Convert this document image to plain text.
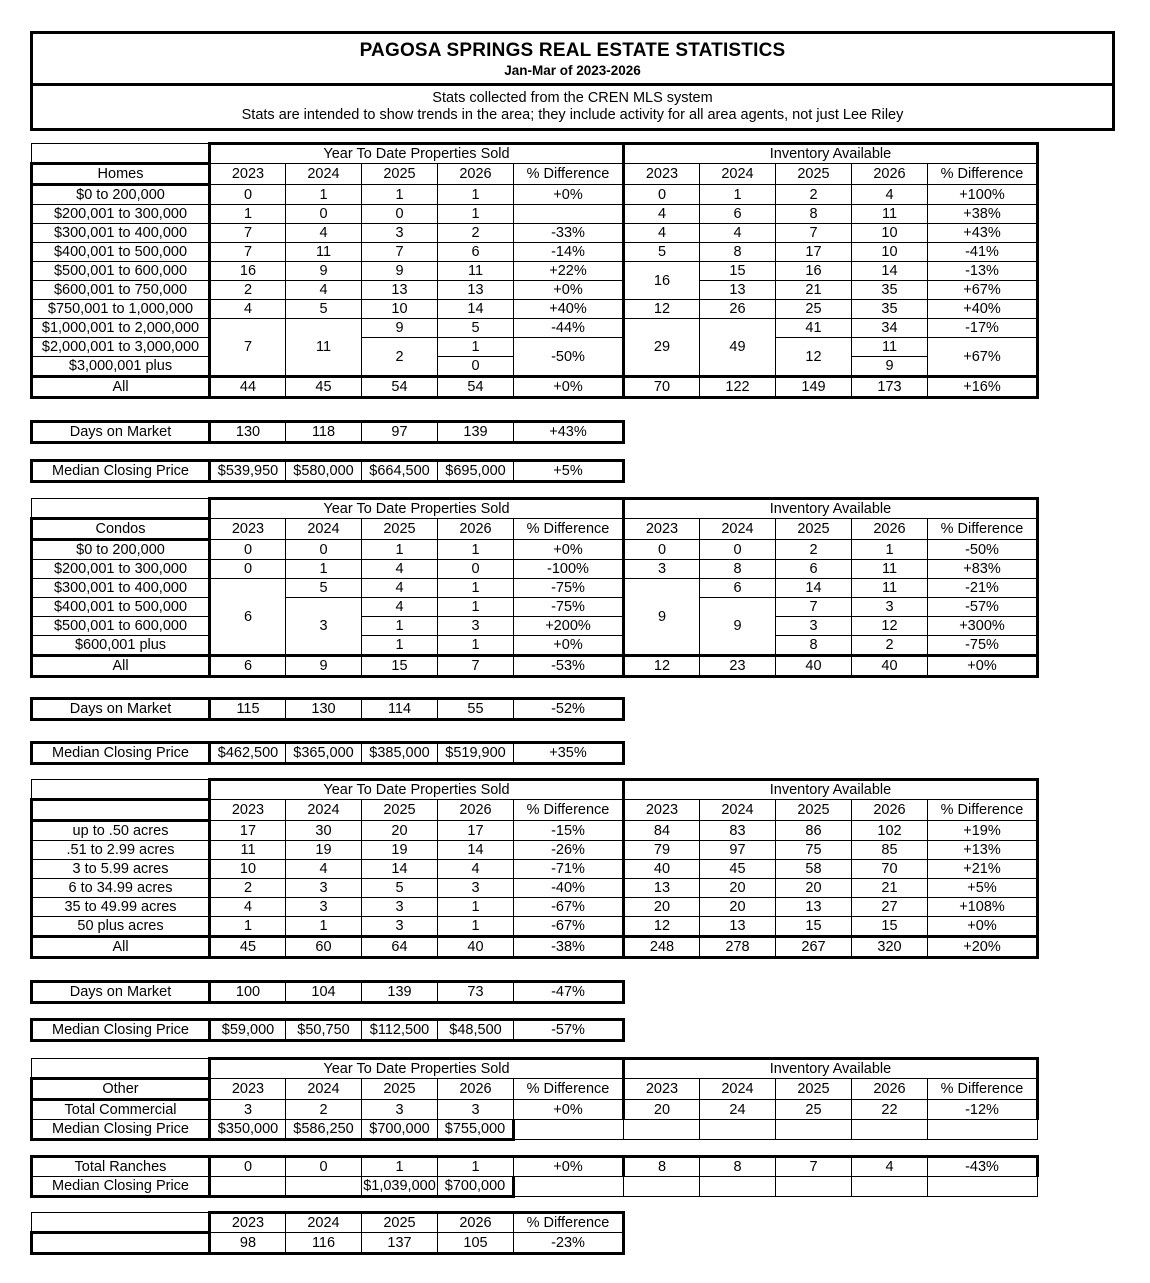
PAGOSA SPRINGS REAL ESTATE STATISTICS
Jan-Mar of 2023-2026
Stats collected from the CREN MLS system
Stats are intended to show trends in the area; they include activity for all area agents, not just Lee Riley
	Year To Date Properties Sold					Inventory Available				
Homes	2023	2024	2025	2026	% Difference	2023	2024	2025	2026	% Difference
$0 to 200,000	0	1	1	1	+0%	0	1	2	4	+100%
$200,001 to 300,000	1	0	0	1		4	6	8	11	+38%
$300,001 to 400,000	7	4	3	2	-33%	4	4	7	10	+43%
$400,001 to 500,000	7	11	7	6	-14%	5	8	17	10	-41%
$500,001 to 600,000	16	9	9	11	+22%	16	15	16	14	-13%
$600,001 to 750,000	2	4	13	13	+0%		13	21	35	+67%
$750,001 to 1,000,000	4	5	10	14	+40%	12	26	25	35	+40%
$1,000,001 to 2,000,000	7	11	9	5	-44%	29	49	41	34	-17%
$2,000,001 to 3,000,000			2	1	-50%			12	11	+67%
$3,000,001 plus				0					9	
All	44	45	54	54	+0%	70	122	149	173	+16%
Days on Market	130	118	97	139	+43%
Median Closing Price	$539,950	$580,000	$664,500	$695,000	+5%
	Year To Date Properties Sold					Inventory Available				
Condos	2023	2024	2025	2026	% Difference	2023	2024	2025	2026	% Difference
$0 to 200,000	0	0	1	1	+0%	0	0	2	1	-50%
$200,001 to 300,000	0	1	4	0	-100%	3	8	6	11	+83%
$300,001 to 400,000	6	5	4	1	-75%	9	6	14	11	-21%
$400,001 to 500,000		3	4	1	-75%		9	7	3	-57%
$500,001 to 600,000			1	3	+200%			3	12	+300%
$600,001 plus			1	1	+0%			8	2	-75%
All	6	9	15	7	-53%	12	23	40	40	+0%
Days on Market	115	130	114	55	-52%
Median Closing Price	$462,500	$365,000	$385,000	$519,900	+35%
	Year To Date Properties Sold					Inventory Available				
Vacant Lots	2023	2024	2025	2026	% Difference	2023	2024	2025	2026	% Difference
up to .50 acres	17	30	20	17	-15%	84	83	86	102	+19%
.51 to 2.99 acres	11	19	19	14	-26%	79	97	75	85	+13%
3 to 5.99 acres	10	4	14	4	-71%	40	45	58	70	+21%
6 to 34.99 acres	2	3	5	3	-40%	13	20	20	21	+5%
35 to 49.99 acres	4	3	3	1	-67%	20	20	13	27	+108%
50 plus acres	1	1	3	1	-67%	12	13	15	15	+0%
All	45	60	64	40	-38%	248	278	267	320	+20%
Days on Market	100	104	139	73	-47%
Median Closing Price	$59,000	$50,750	$112,500	$48,500	-57%
	Year To Date Properties Sold					Inventory Available				
Other	2023	2024	2025	2026	% Difference	2023	2024	2025	2026	% Difference
Total Commercial	3	2	3	3	+0%	20	24	25	22	-12%
Median Closing Price	$350,000	$586,250	$700,000	$755,000						
Total Ranches	0	0	1	1	+0%	8	8	7	4	-43%
Median Closing Price			$1,039,000	$700,000						
	2023	2024	2025	2026	% Difference
YTD Total Sales	98	116	137	105	-23%
